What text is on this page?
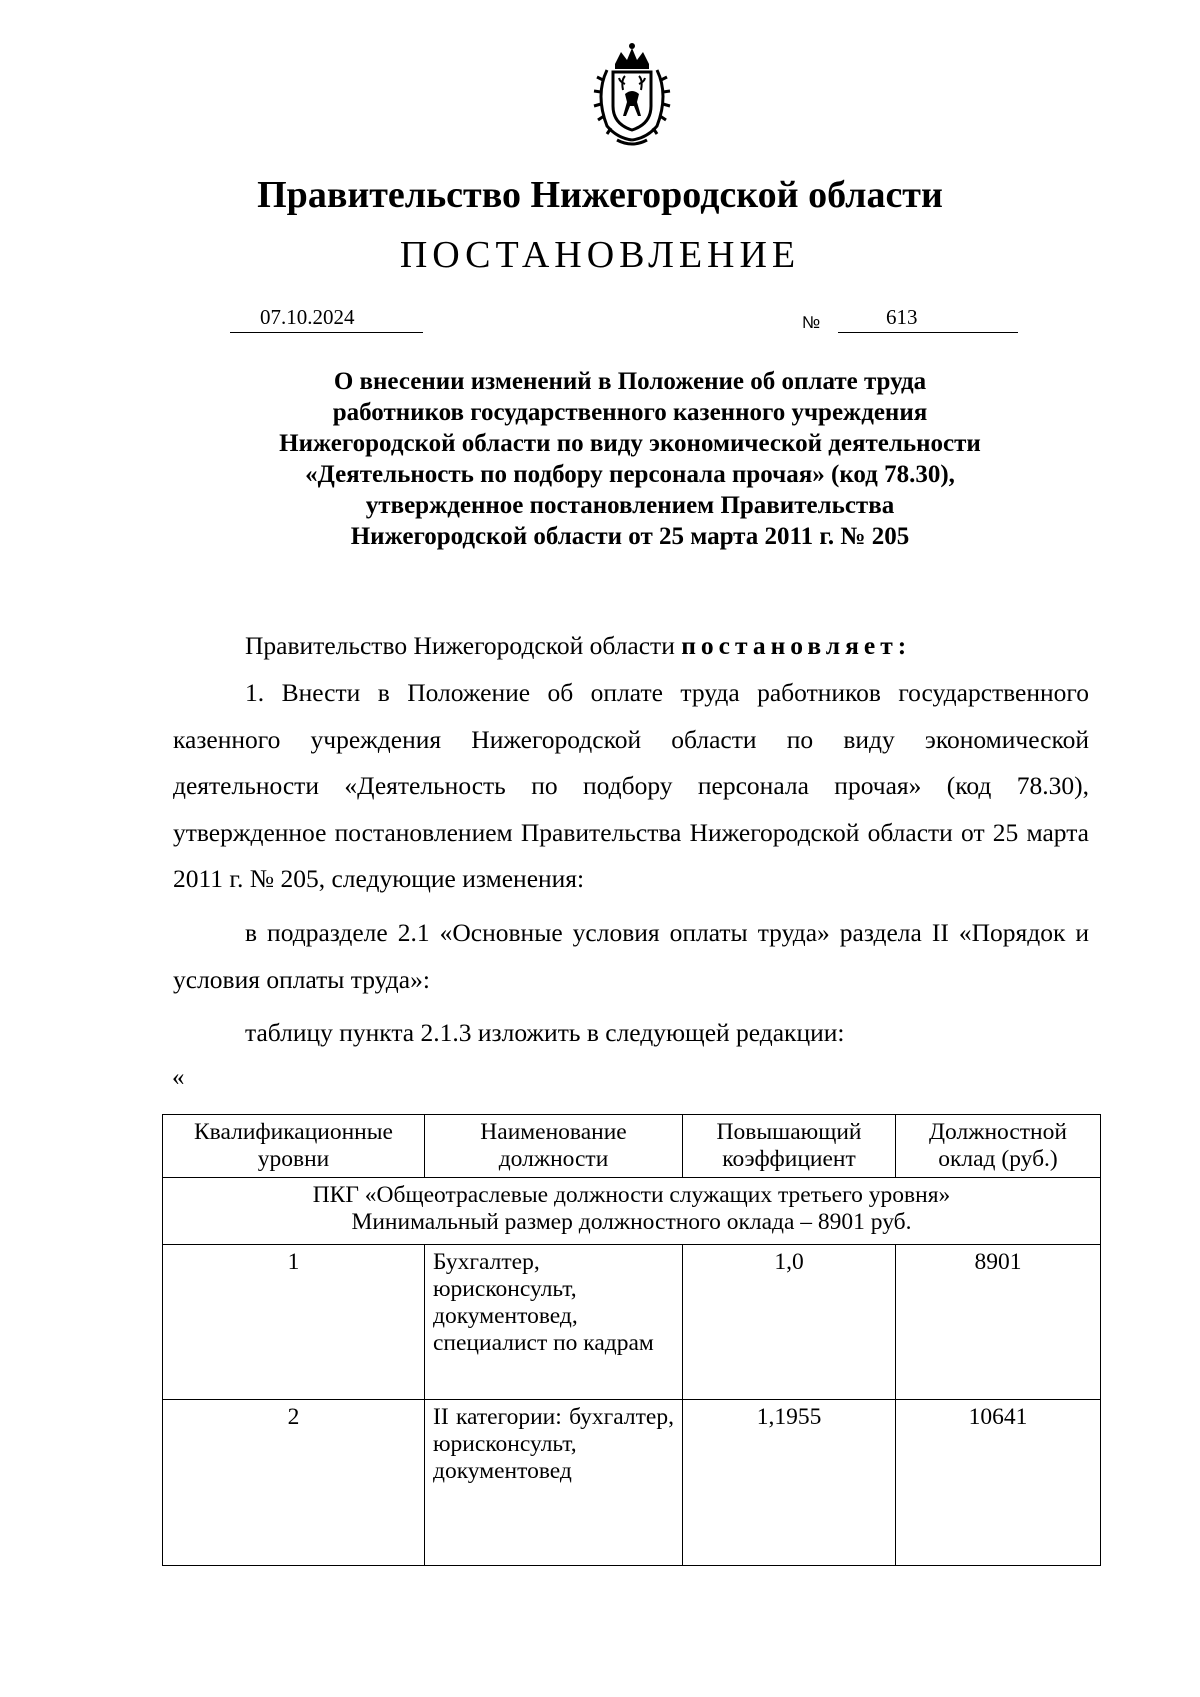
Правительство Нижегородской области
ПОСТАНОВЛЕНИЕ
07.10.2024	№	613
О внесении изменений в Положение об оплате труда
работников государственного казенного учреждения
Нижегородской области по виду экономической деятельности
«Деятельность по подбору персонала прочая» (код 78.30),
утвержденное постановлением Правительства
Нижегородской области от 25 марта 2011 г. № 205
Правительство Нижегородской области постановляет:

1. Внести в Положение об оплате труда работников государственного казенного учреждения Нижегородской области по виду экономической деятельности «Деятельность по подбору персонала прочая» (код 78.30), утвержденное постановлением Правительства Нижегородской области от 25 марта 2011 г. № 205, следующие изменения:

в подразделе 2.1 «Основные условия оплаты труда» раздела II «Порядок и условия оплаты труда»:

таблицу пункта 2.1.3 изложить в следующей редакции:

«
Квалификационные уровни	Наименование должности	Повышающий коэффициент	Должностной оклад (руб.)

ПКГ «Общеотраслевые должности служащих третьего уровня»
Минимальный размер должностного оклада – 8901 руб.			

1	Бухгалтер, юрисконсульт, документовед, специалист по кадрам	1,0	8901
2	II категории: бухгалтер, юрисконсульт, документовед	1,1955	10641
